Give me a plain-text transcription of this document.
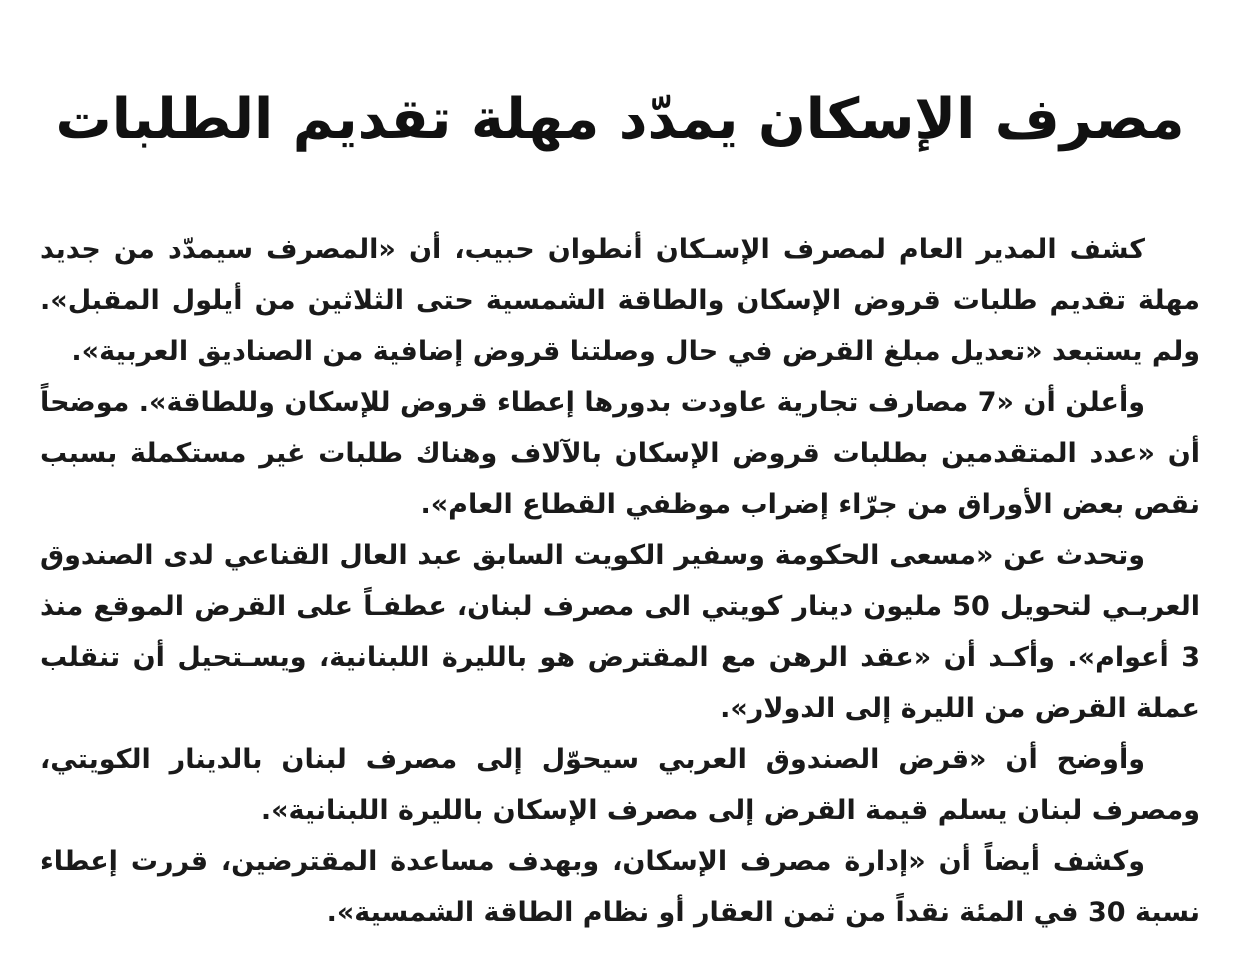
مصرف الإسكان يمدّد مهلة تقديم الطلبات

كشف المدير العام لمصرف الإسـكان أنطوان حبيب، أن «المصرف سيمدّد من جديد مهلة تقديم طلبات قروض الإسكان والطاقة الشمسية حتى الثلاثين من أيلول المقبل». ولم يستبعد «تعديل مبلغ القرض في حال وصلتنا قروض إضافية من الصناديق العربية».

وأعلن أن «7 مصارف تجارية عاودت بدورها إعطاء قروض للإسكان وللطاقة». موضحاً أن «عدد المتقدمين بطلبات قروض الإسكان بالآلاف وهناك طلبات غير مستكملة بسبب نقص بعض الأوراق من جرّاء إضراب موظفي القطاع العام».

وتحدث عن «مسعى الحكومة وسفير الكويت السابق عبد العال القناعي لدى الصندوق العربـي لتحويل 50 مليون دينار كويتي الى مصرف لبنان، عطفـاً على القرض الموقع منذ 3 أعوام». وأكـد أن «عقد الرهن مع المقترض هو بالليرة اللبنانية، ويسـتحيل أن تنقلب عملة القرض من الليرة إلى الدولار».

وأوضح أن «قرض الصندوق العربي سيحوّل إلى مصرف لبنان بالدينار الكويتي، ومصرف لبنان يسلم قيمة القرض إلى مصرف الإسكان بالليرة اللبنانية».

وكشف أيضاً أن «إدارة مصرف الإسكان، وبهدف مساعدة المقترضين، قررت إعطاء نسبة 30 في المئة نقداً من ثمن العقار أو نظام الطاقة الشمسية».
